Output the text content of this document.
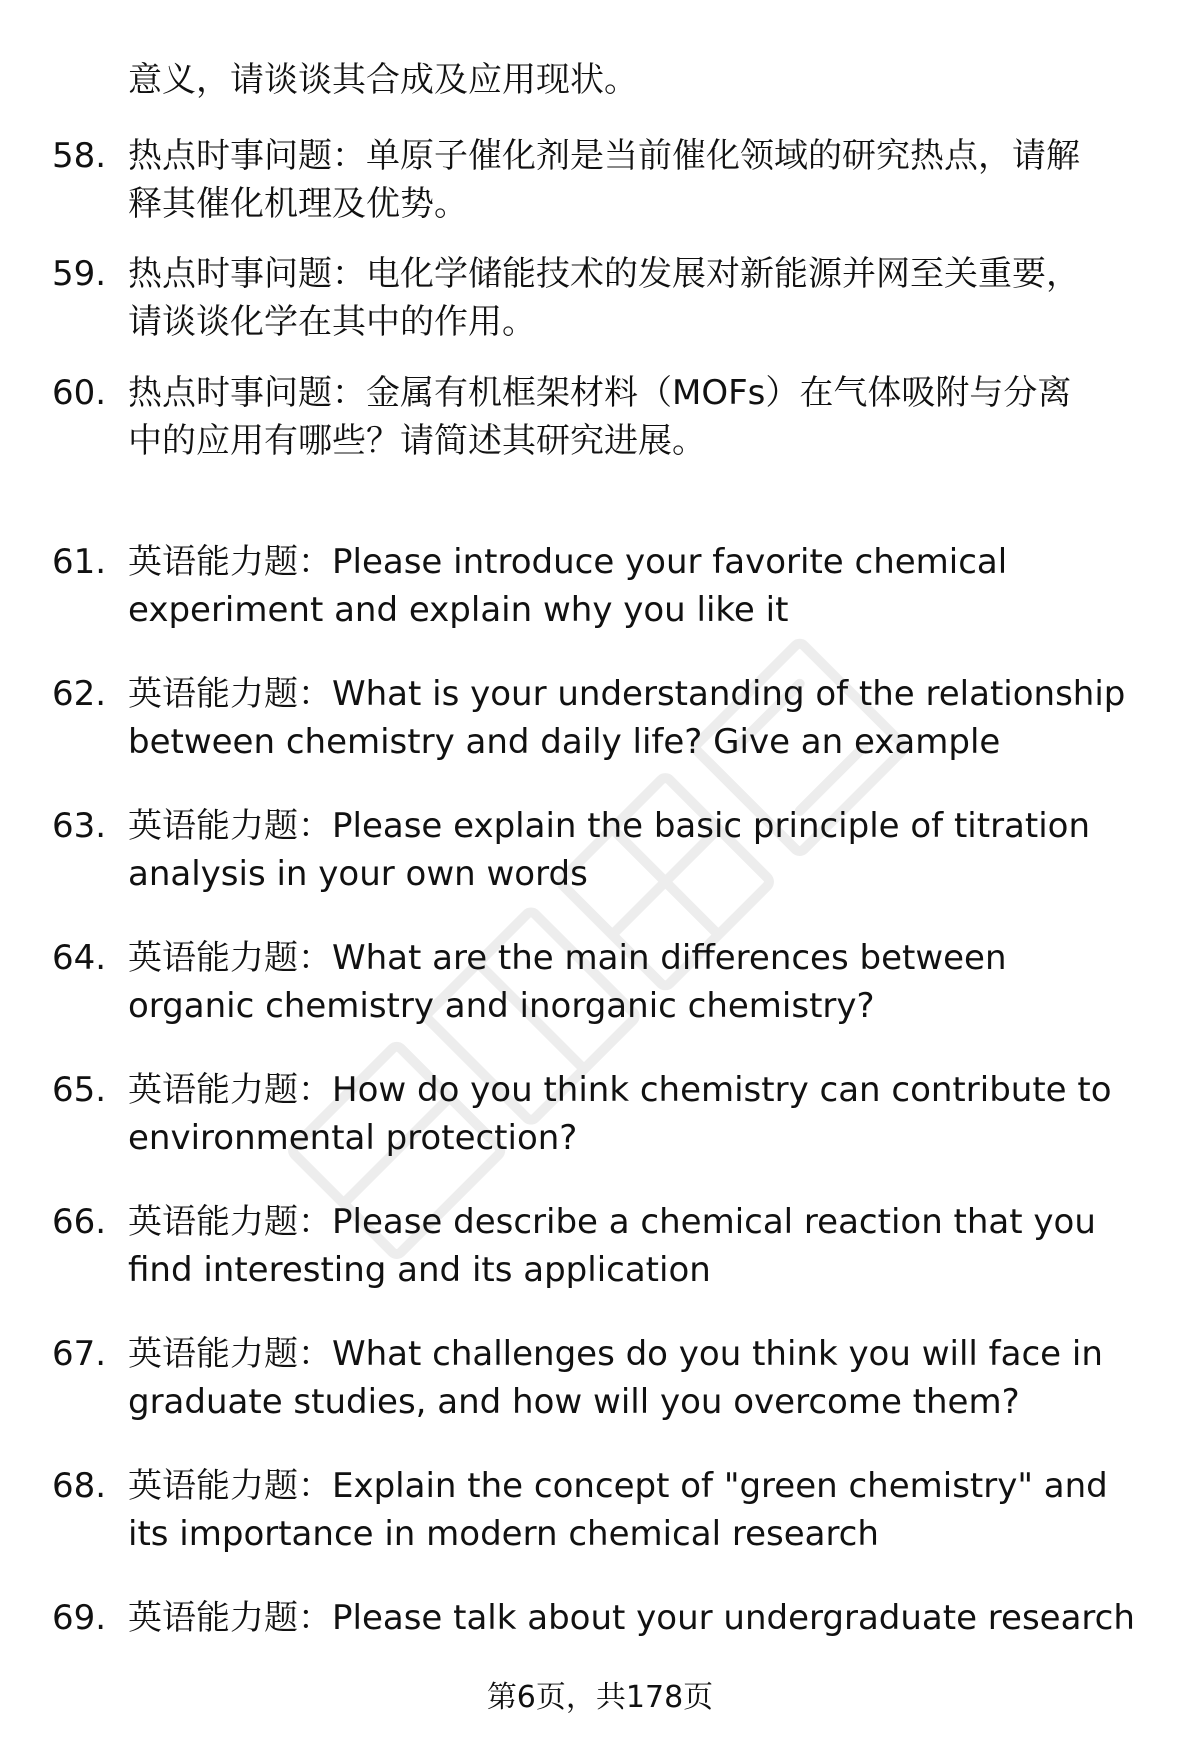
意义，请谈谈其合成及应用现状。
58. 热点时事问题：单原子催化剂是当前催化领域的研究热点，请解
释其催化机理及优势。
59. 热点时事问题：电化学储能技术的发展对新能源并网至关重要，
请谈谈化学在其中的作用。
60. 热点时事问题：金属有机框架材料（MOFs）在气体吸附与分离
中的应用有哪些？请简述其研究进展。
61. 英语能力题：Please introduce your favorite chemical
experiment and explain why you like it
62. 英语能力题：What is your understanding of the relationship
between chemistry and daily life? Give an example
63. 英语能力题：Please explain the basic principle of titration
analysis in your own words
64. 英语能力题：What are the main differences between
organic chemistry and inorganic chemistry?
65. 英语能力题：How do you think chemistry can contribute to
environmental protection?
66. 英语能力题：Please describe a chemical reaction that you
find interesting and its application
67. 英语能力题：What challenges do you think you will face in
graduate studies, and how will you overcome them?
68. 英语能力题：Explain the concept of "green chemistry" and
its importance in modern chemical research
69. 英语能力题：Please talk about your undergraduate research
第6页，共178页
